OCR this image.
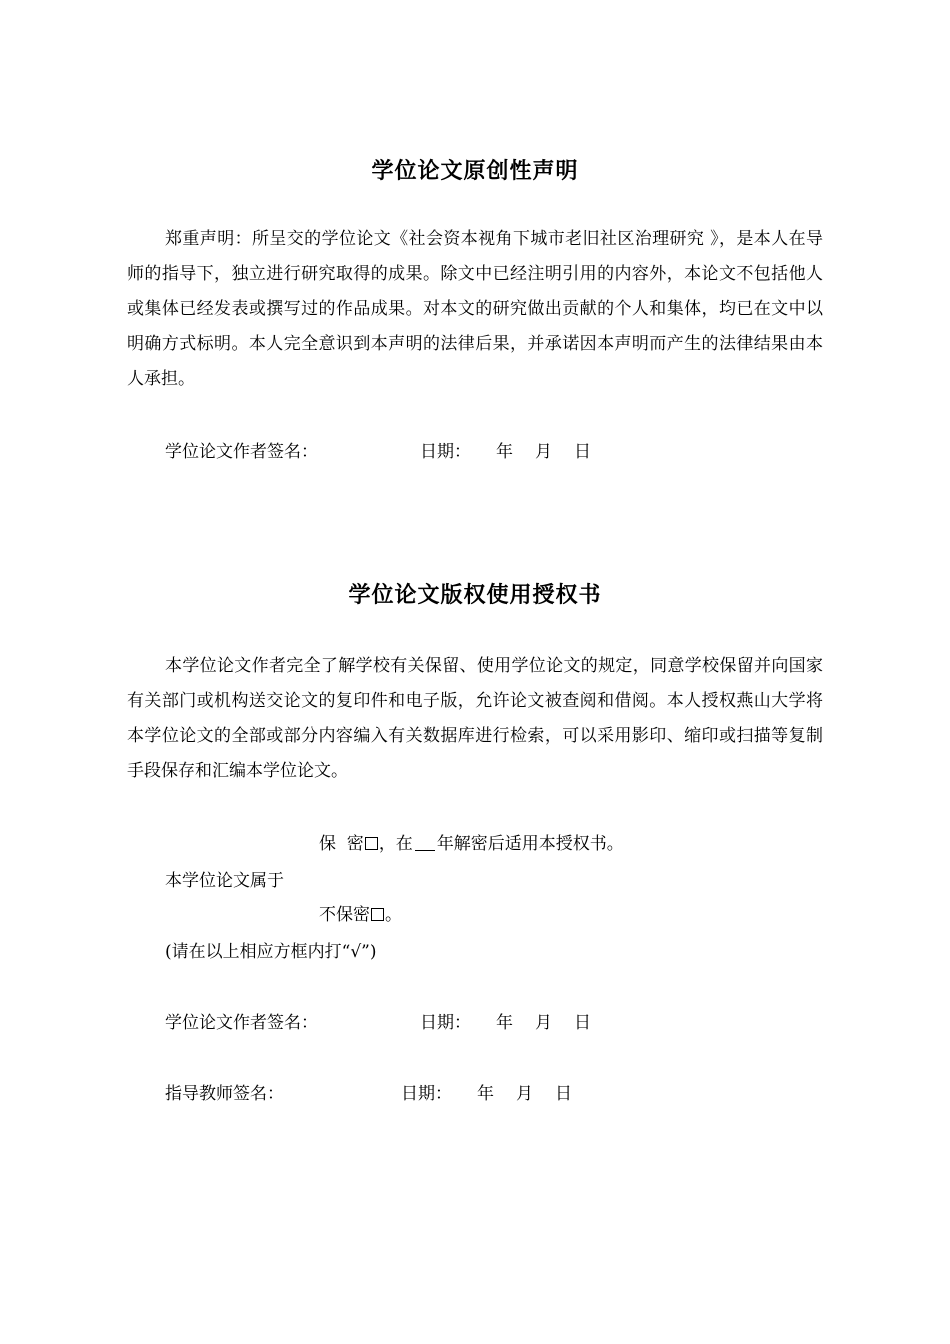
学位论文原创性声明

郑重声明：所呈交的学位论文《社会资本视角下城市老旧社区治理研究 》，是本人在导师的指导下，独立进行研究取得的成果。除文中已经注明引用的内容外，本论文不包括他人或集体已经发表或撰写过的作品成果。对本文的研究做出贡献的个人和集体，均已在文中以明确方式标明。本人完全意识到本声明的法律后果，并承诺因本声明而产生的法律结果由本人承担。

学位论文作者签名：	日期： 年 月 日
学位论文版权使用授权书

本学位论文作者完全了解学校有关保留、使用学位论文的规定，同意学校保留并向国家有关部门或机构送交论文的复印件和电子版，允许论文被查阅和借阅。本人授权燕山大学将本学位论文的全部或部分内容编入有关数据库进行检索，可以采用影印、缩印或扫描等复制手段保存和汇编本学位论文。

保  密 ，在 年解密后适用本授权书。
本学位论文属于
不保密 。
(请在以上相应方框内打“√”)
学位论文作者签名：	日期： 年 月 日
指导教师签名：	日期： 年 月 日
